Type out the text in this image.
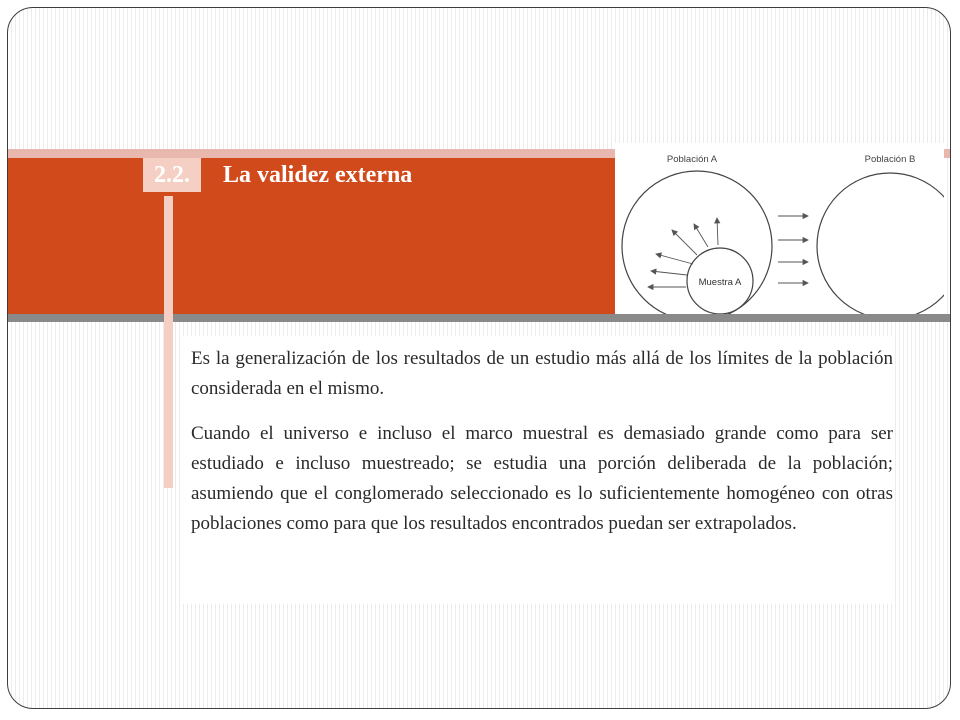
2.2.	La validez externa
Población A	Población B
Muestra A

Es la generalización de los resultados de un estudio más allá de los límites de la población considerada en el mismo.

Cuando el universo e incluso el marco muestral es demasiado grande como para ser estudiado e incluso muestreado; se estudia una porción deliberada de la población; asumiendo que el conglomerado seleccionado es lo suficientemente homogéneo con otras poblaciones como para que los resultados encontrados puedan ser extrapolados.
